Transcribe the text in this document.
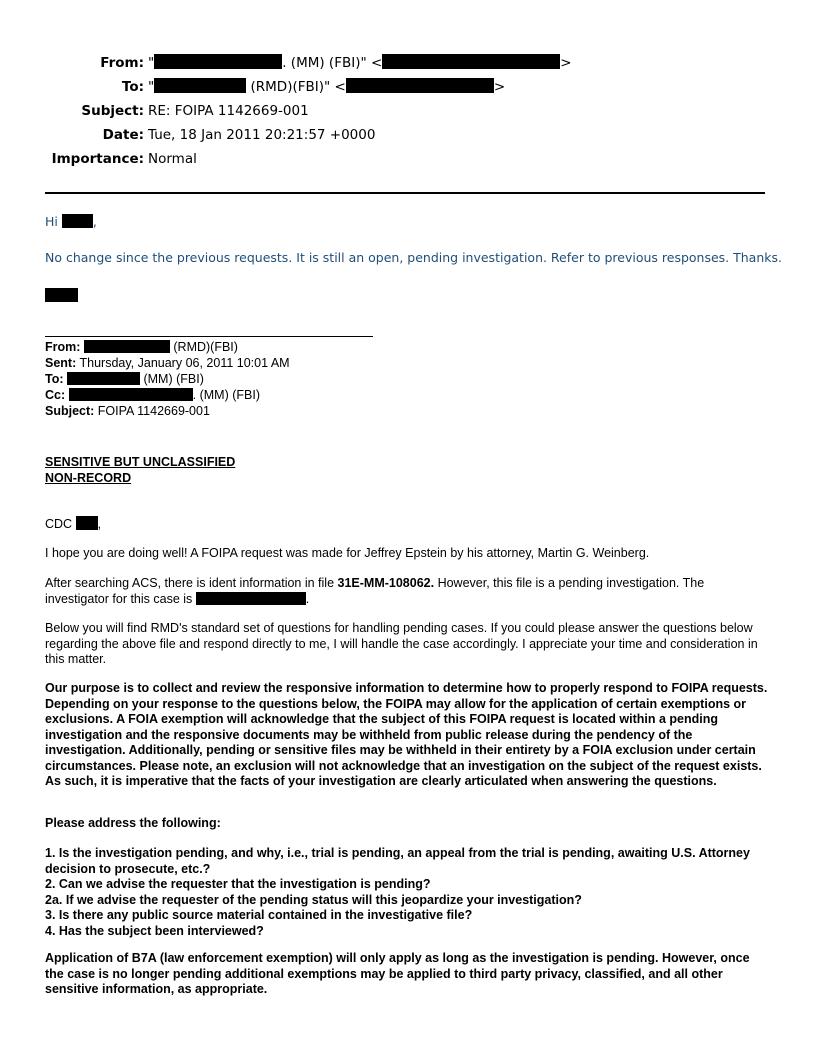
From: "	. (MM) (FBI)" <	>
To: "	(RMD)(FBI)" <	>
Subject: RE: FOIPA 1142669-001
Date: Tue, 18 Jan 2011 20:21:57 +0000
Importance: Normal
Hi	,
No change since the previous requests. It is still an open, pending investigation. Refer to previous responses. Thanks.
From:	(RMD)(FBI)
Sent: Thursday, January 06, 2011 10:01 AM
To:	(MM) (FBI)
Cc:	. (MM) (FBI)
Subject: FOIPA 1142669-001
SENSITIVE BUT UNCLASSIFIED
NON-RECORD
CDC ,
I hope you are doing well! A FOIPA request was made for Jeffrey Epstein by his attorney, Martin G. Weinberg.
After searching ACS, there is ident information in file 31E-MM-108062. However, this file is a pending investigation. The investigator for this case is	.
Below you will find RMD's standard set of questions for handling pending cases. If you could please answer the questions below regarding the above file and respond directly to me, I will handle the case accordingly. I appreciate your time and consideration in this matter.
Our purpose is to collect and review the responsive information to determine how to properly respond to FOIPA requests. Depending on your response to the questions below, the FOIPA may allow for the application of certain exemptions or exclusions. A FOIA exemption will acknowledge that the subject of this FOIPA request is located within a pending investigation and the responsive documents may be withheld from public release during the pendency of the investigation. Additionally, pending or sensitive files may be withheld in their entirety by a FOIA exclusion under certain circumstances. Please note, an exclusion will not acknowledge that an investigation on the subject of the request exists. As such, it is imperative that the facts of your investigation are clearly articulated when answering the questions.
Please address the following:
1. Is the investigation pending, and why, i.e., trial is pending, an appeal from the trial is pending, awaiting U.S. Attorney decision to prosecute, etc.?
2. Can we advise the requester that the investigation is pending?
2a. If we advise the requester of the pending status will this jeopardize your investigation?
3. Is there any public source material contained in the investigative file?
4. Has the subject been interviewed?
Application of B7A (law enforcement exemption) will only apply as long as the investigation is pending. However, once the case is no longer pending additional exemptions may be applied to third party privacy, classified, and all other sensitive information, as appropriate.
